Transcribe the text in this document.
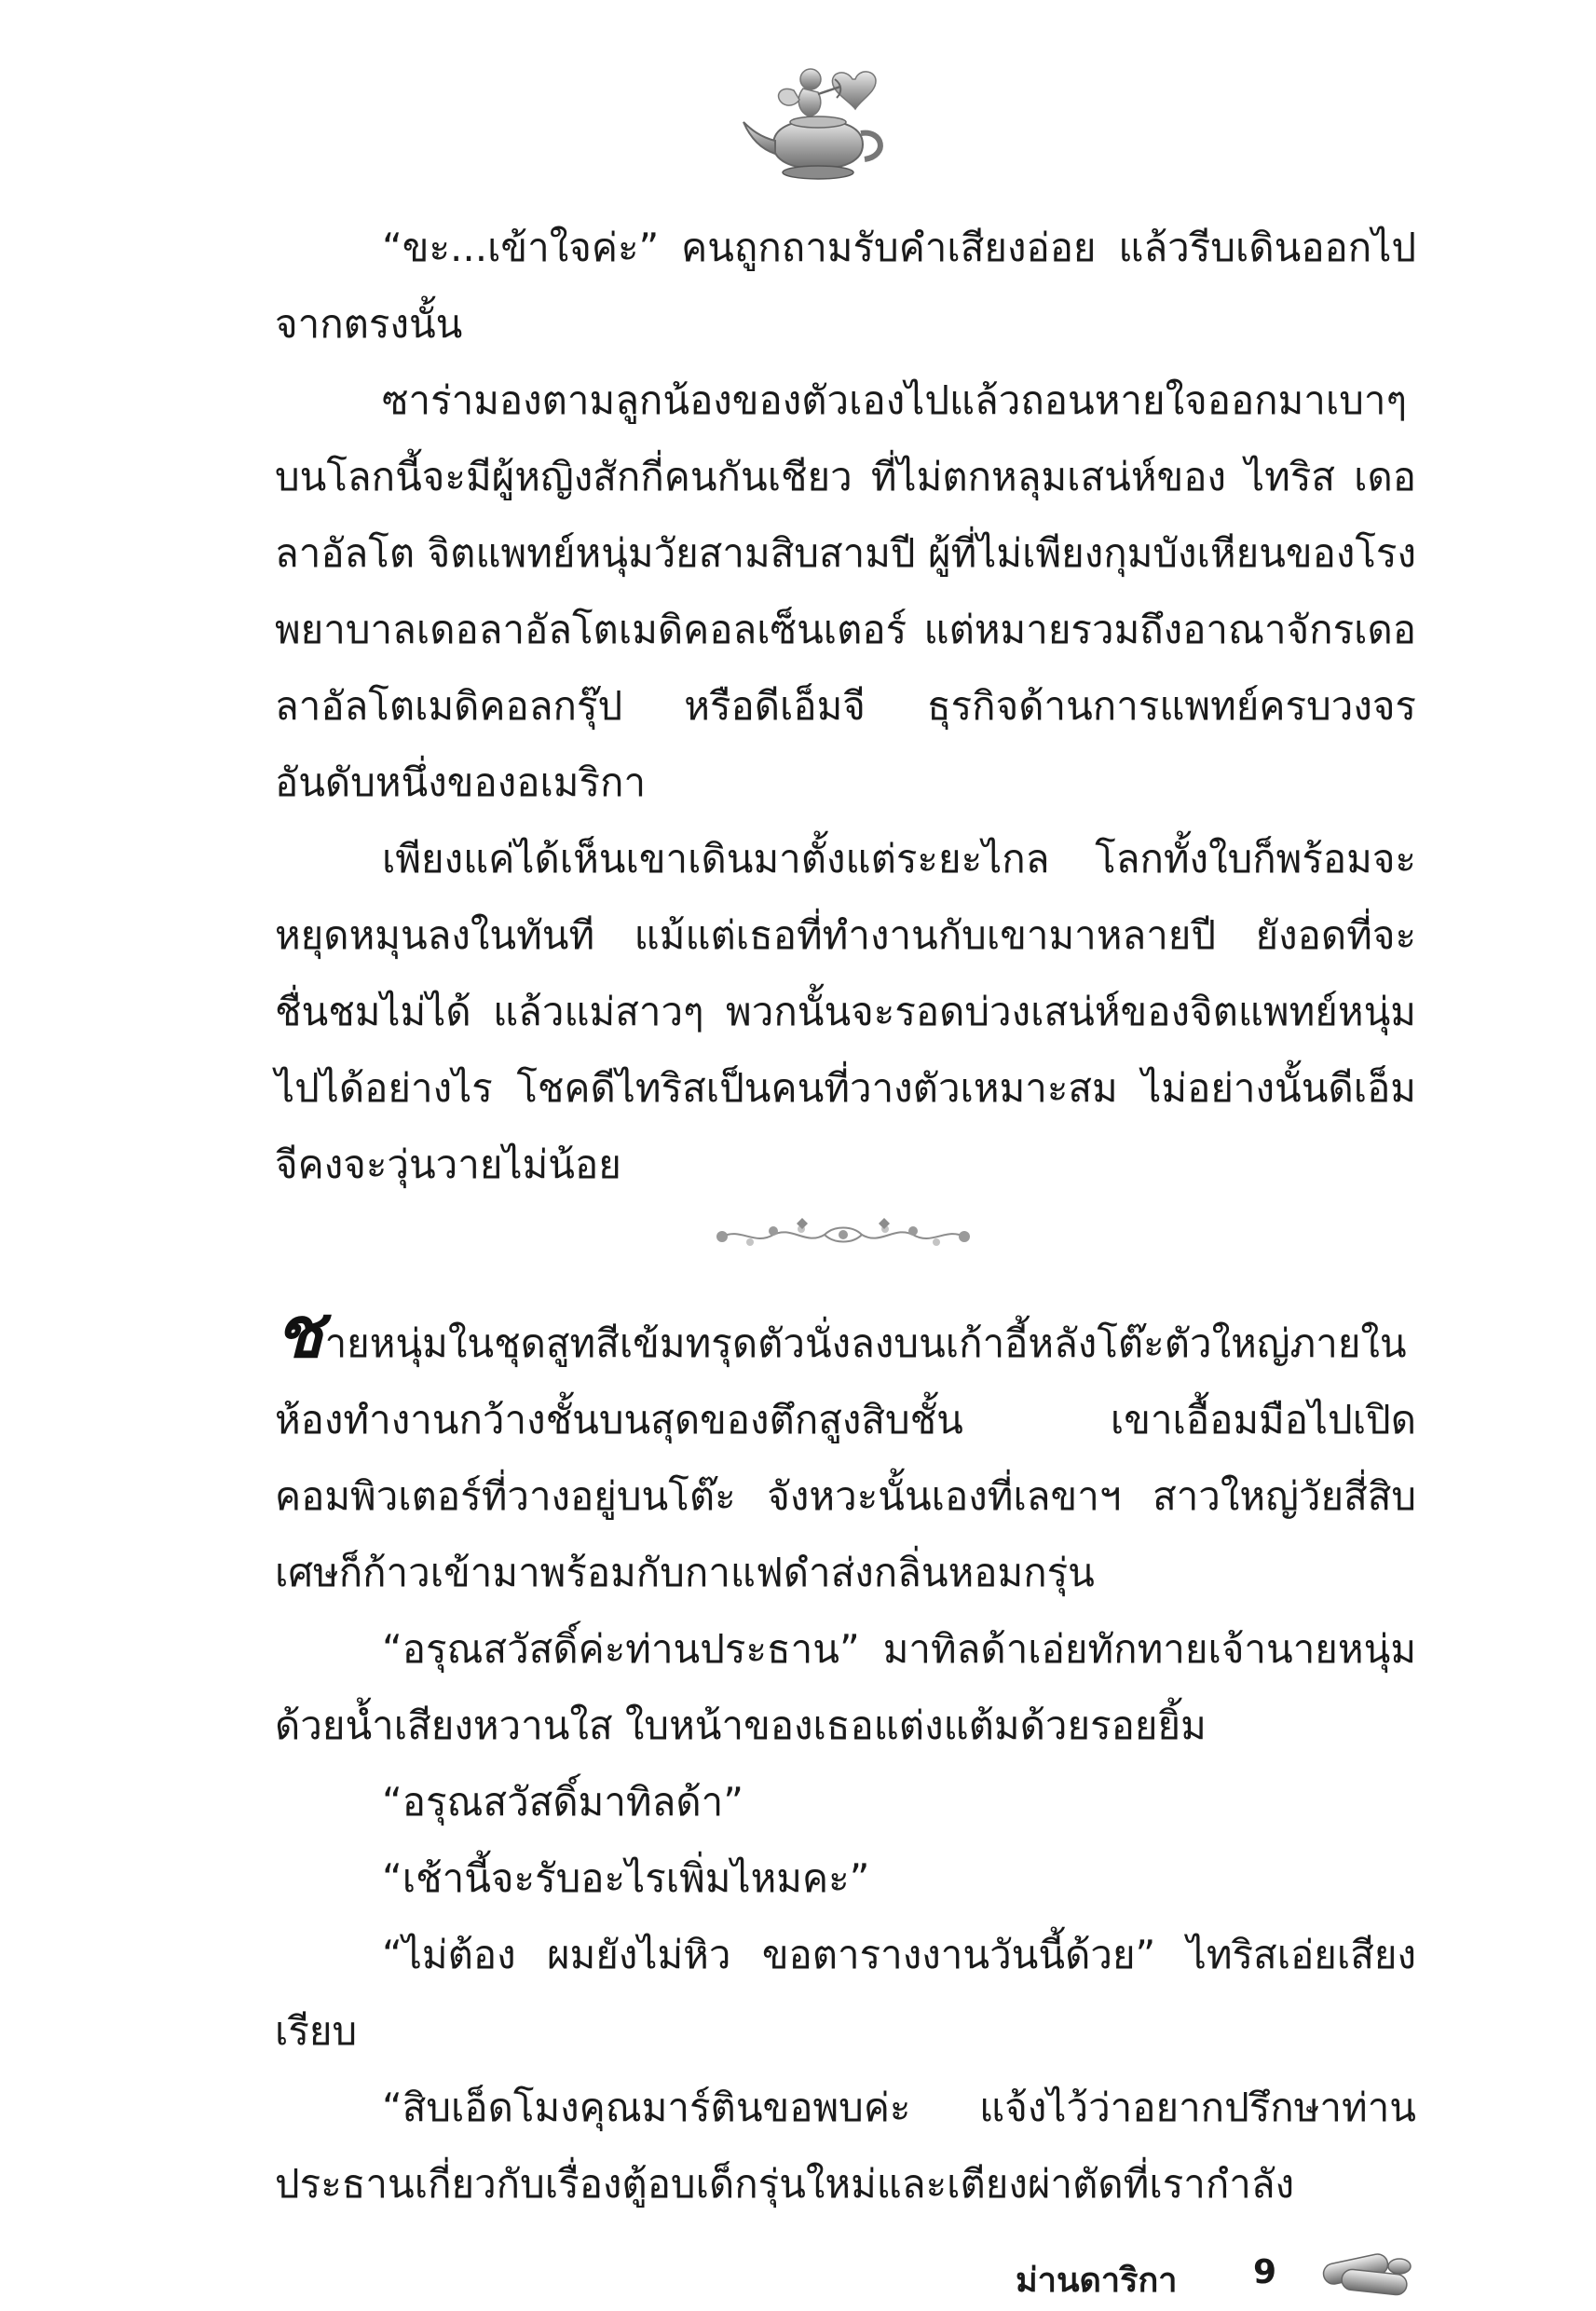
“ขะ...เข้าใจค่ะ” คนถูกถามรับคำเสียงอ่อย แล้วรีบเดินออกไปจากตรงนั้น

ซาร่ามองตามลูกน้องของตัวเองไปแล้วถอนหายใจออกมาเบาๆ บนโลกนี้จะมีผู้หญิงสักกี่คนกันเชียว ที่ไม่ตกหลุมเสน่ห์ของ ไทริส เดอลาอัลโต จิตแพทย์หนุ่มวัยสามสิบสามปี ผู้ที่ไม่เพียงกุมบังเหียนของโรงพยาบาลเดอลาอัลโตเมดิคอลเซ็นเตอร์ แต่หมายรวมถึงอาณาจักรเดอลาอัลโตเมดิคอลกรุ๊ป หรือดีเอ็มจี ธุรกิจด้านการแพทย์ครบวงจรอันดับหนึ่งของอเมริกา

เพียงแค่ได้เห็นเขาเดินมาตั้งแต่ระยะไกล โลกทั้งใบก็พร้อมจะหยุดหมุนลงในทันที แม้แต่เธอที่ทำงานกับเขามาหลายปี ยังอดที่จะชื่นชมไม่ได้ แล้วแม่สาวๆ พวกนั้นจะรอดบ่วงเสน่ห์ของจิตแพทย์หนุ่มไปได้อย่างไร โชคดีไทริสเป็นคนที่วางตัวเหมาะสม ไม่อย่างนั้นดีเอ็มจีคงจะวุ่นวายไม่น้อย

ชายหนุ่มในชุดสูทสีเข้มทรุดตัวนั่งลงบนเก้าอี้หลังโต๊ะตัวใหญ่ภายในห้องทำงานกว้างชั้นบนสุดของตึกสูงสิบชั้น เขาเอื้อมมือไปเปิดคอมพิวเตอร์ที่วางอยู่บนโต๊ะ จังหวะนั้นเองที่เลขาฯ สาวใหญ่วัยสี่สิบเศษก็ก้าวเข้ามาพร้อมกับกาแฟดำส่งกลิ่นหอมกรุ่น

“อรุณสวัสดิ์ค่ะท่านประธาน” มาทิลด้าเอ่ยทักทายเจ้านายหนุ่มด้วยน้ำเสียงหวานใส ใบหน้าของเธอแต่งแต้มด้วยรอยยิ้ม

“อรุณสวัสดิ์มาทิลด้า”

“เช้านี้จะรับอะไรเพิ่มไหมคะ”

“ไม่ต้อง ผมยังไม่หิว ขอตารางงานวันนี้ด้วย” ไทริสเอ่ยเสียงเรียบ

“สิบเอ็ดโมงคุณมาร์ตินขอพบค่ะ แจ้งไว้ว่าอยากปรึกษาท่านประธานเกี่ยวกับเรื่องตู้อบเด็กรุ่นใหม่และเตียงผ่าตัดที่เรากำลัง

ม่านดาริกา 9
